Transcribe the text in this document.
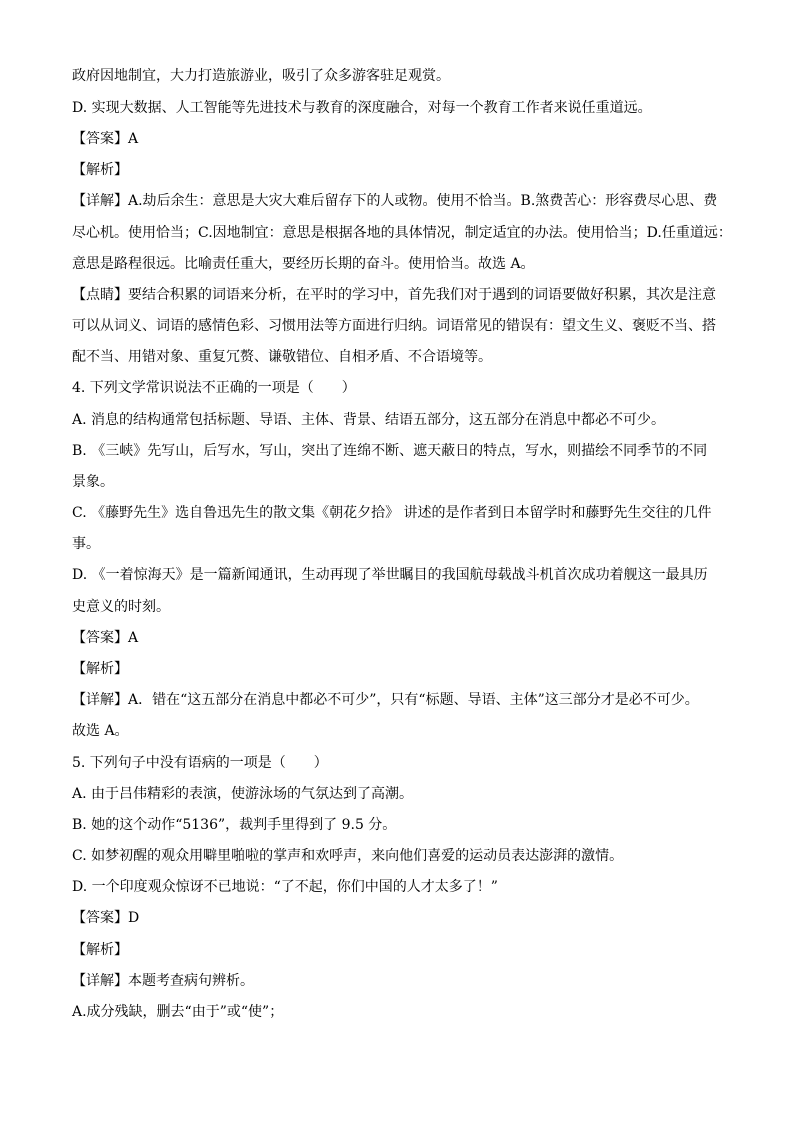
政府因地制宜，大力打造旅游业，吸引了众多游客驻足观赏。
D. 实现大数据、人工智能等先进技术与教育的深度融合，对每一个教育工作者来说任重道远。
【答案】A
【解析】
【详解】A.劫后余生：意思是大灾大难后留存下的人或物。使用不恰当。B.煞费苦心：形容费尽心思、费
尽心机。使用恰当；C.因地制宜：意思是根据各地的具体情况，制定适宜的办法。使用恰当；D.任重道远：
意思是路程很远。比喻责任重大，要经历长期的奋斗。使用恰当。故选 A。
【点睛】要结合积累的词语来分析，在平时的学习中，首先我们对于遇到的词语要做好积累，其次是注意
可以从词义、词语的感情色彩、习惯用法等方面进行归纳。词语常见的错误有：望文生义、褒贬不当、搭
配不当、用错对象、重复冗赘、谦敬错位、自相矛盾、不合语境等。
4. 下列文学常识说法不正确的一项是（　　）
A. 消息的结构通常包括标题、导语、主体、背景、结语五部分，这五部分在消息中都必不可少。
B. 《三峡》先写山，后写水，写山，突出了连绵不断、遮天蔽日的特点，写水，则描绘不同季节的不同
景象。
C. 《藤野先生》选自鲁迅先生的散文集《朝花夕拾》 讲述的是作者到日本留学时和藤野先生交往的几件
事。
D. 《一着惊海天》是一篇新闻通讯，生动再现了举世瞩目的我国航母载战斗机首次成功着舰这一最具历
史意义的时刻。
【答案】A
【解析】
【详解】A．错在“这五部分在消息中都必不可少”，只有“标题、导语、主体”这三部分才是必不可少。
故选 A。
5. 下列句子中没有语病的一项是（　　）
A. 由于吕伟精彩的表演，使游泳场的气氛达到了高潮。
B. 她的这个动作“5136”，裁判手里得到了 9.5 分。
C. 如梦初醒的观众用噼里啪啦的掌声和欢呼声，来向他们喜爱的运动员表达澎湃的激情。
D. 一个印度观众惊讶不已地说：“了不起，你们中国的人才太多了！”
【答案】D
【解析】
【详解】本题考查病句辨析。
A.成分残缺，删去“由于”或“使”；
